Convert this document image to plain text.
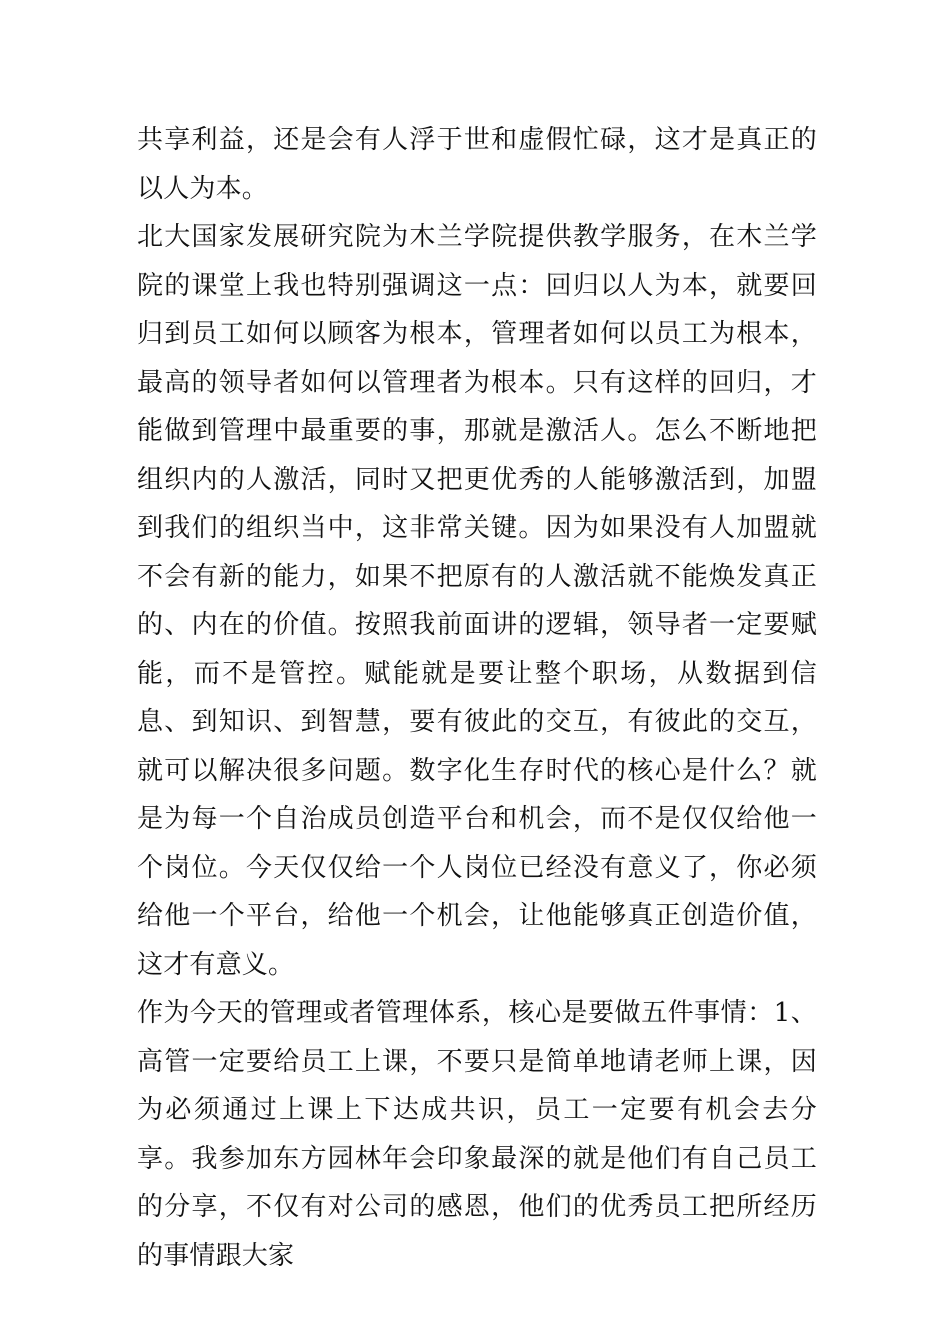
共享利益，还是会有人浮于世和虚假忙碌，这才是真正的以人为本。

北大国家发展研究院为木兰学院提供教学服务，在木兰学院的课堂上我也特别强调这一点：回归以人为本，就要回归到员工如何以顾客为根本，管理者如何以员工为根本，最高的领导者如何以管理者为根本。只有这样的回归，才能做到管理中最重要的事，那就是激活人。怎么不断地把组织内的人激活，同时又把更优秀的人能够激活到，加盟到我们的组织当中，这非常关键。因为如果没有人加盟就不会有新的能力，如果不把原有的人激活就不能焕发真正的、内在的价值。按照我前面讲的逻辑，领导者一定要赋能，而不是管控。赋能就是要让整个职场，从数据到信息、到知识、到智慧，要有彼此的交互，有彼此的交互，就可以解决很多问题。数字化生存时代的核心是什么？就是为每一个自治成员创造平台和机会，而不是仅仅给他一个岗位。今天仅仅给一个人岗位已经没有意义了，你必须给他一个平台，给他一个机会，让他能够真正创造价值，这才有意义。

作为今天的管理或者管理体系，核心是要做五件事情：1、高管一定要给员工上课，不要只是简单地请老师上课，因为必须通过上课上下达成共识，员工一定要有机会去分享。我参加东方园林年会印象最深的就是他们有自己员工的分享，不仅有对公司的感恩，他们的优秀员工把所经历的事情跟大家
